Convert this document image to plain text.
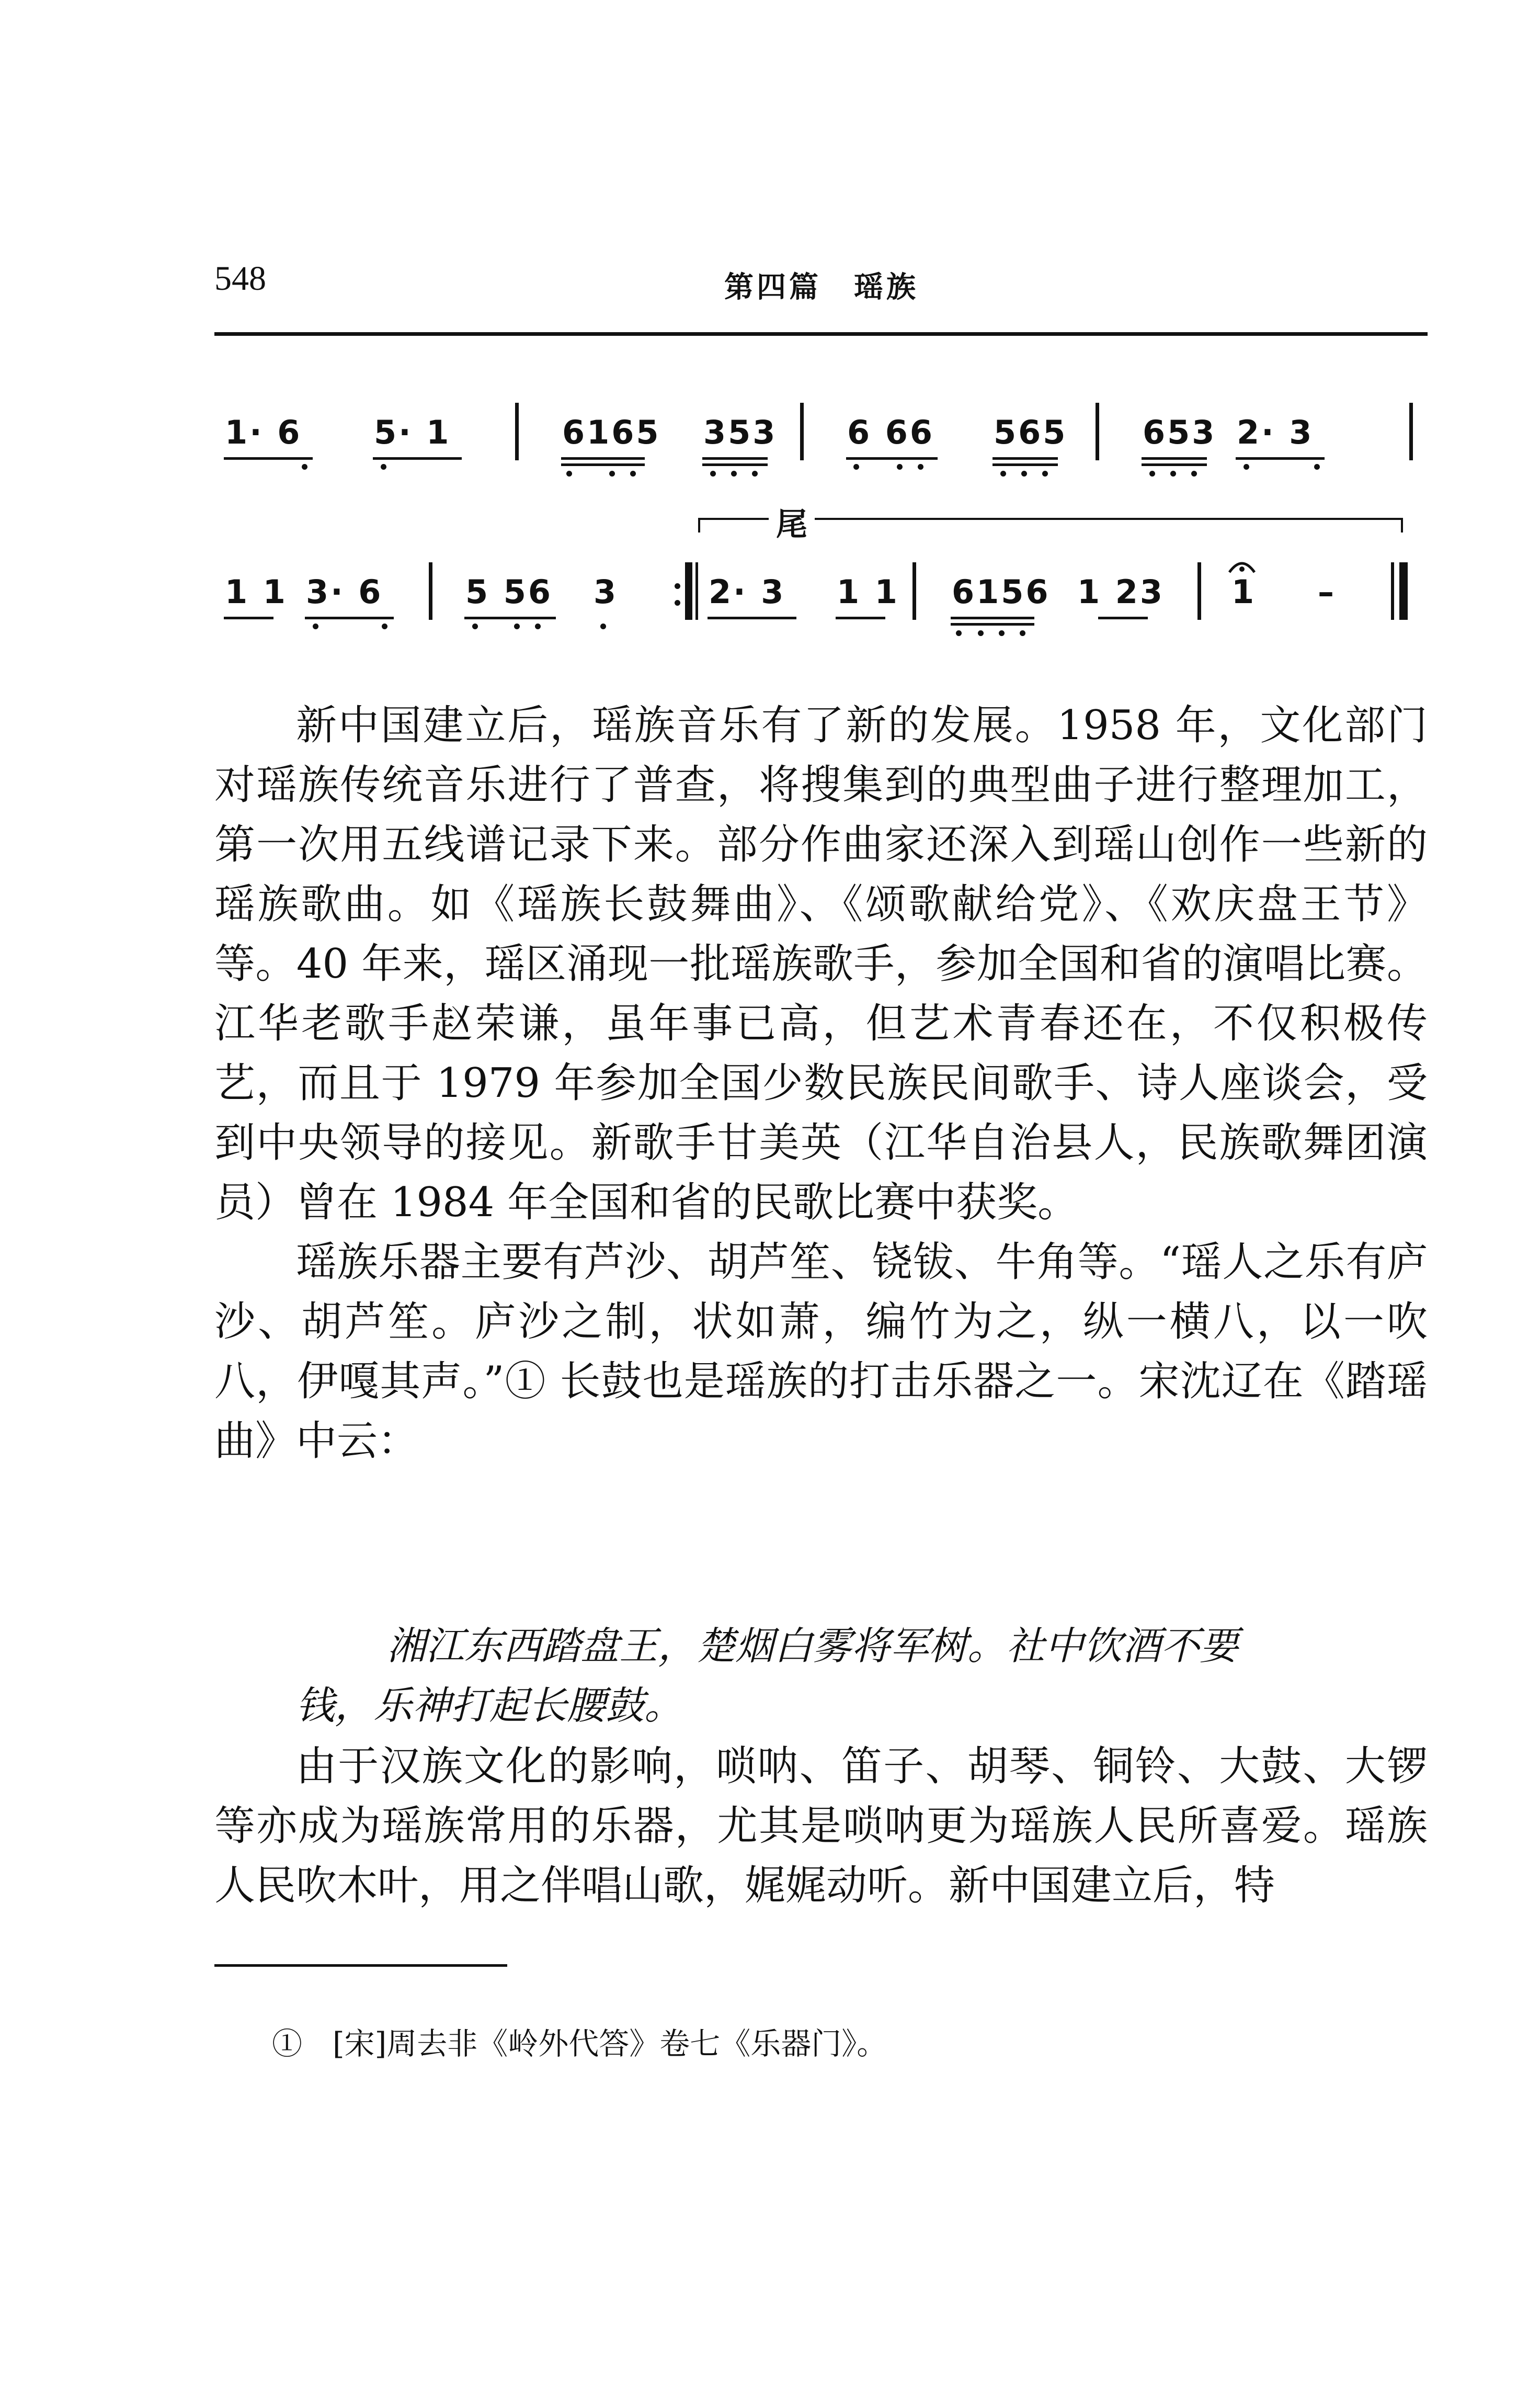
548	第四篇　瑶族
1· 6 5· 1	6165 353 6 66 565 653 2· 3
尾
1 1 3· 6	5 56 3	2· 3 1 1 6156 1 23 1 –

新中国建立后，瑶族音乐有了新的发展。1958 年，文化部门对瑶族传统音乐进行了普查，将搜集到的典型曲子进行整理加工，第一次用五线谱记录下来。部分作曲家还深入到瑶山创作一些新的瑶族歌曲。如《瑶族长鼓舞曲》、《颂歌献给党》、《欢庆盘王节》等。40 年来，瑶区涌现一批瑶族歌手，参加全国和省的演唱比赛。江华老歌手赵荣谦，虽年事已高，但艺术青春还在，不仅积极传艺，而且于 1979 年参加全国少数民族民间歌手、诗人座谈会，受到中央领导的接见。新歌手甘美英（江华自治县人，民族歌舞团演员）曾在 1984 年全国和省的民歌比赛中获奖。

瑶族乐器主要有芦沙、胡芦笙、铙钹、牛角等。“瑶人之乐有庐沙、胡芦笙。庐沙之制，状如萧，编竹为之，纵一横八，以一吹八，伊嘎其声。”① 长鼓也是瑶族的打击乐器之一。宋沈辽在《踏瑶曲》中云：

湘江东西踏盘王，楚烟白雾将军树。社中饮酒不要
钱，乐神打起长腰鼓。

由于汉族文化的影响，唢呐、笛子、胡琴、铜铃、大鼓、大锣等亦成为瑶族常用的乐器，尤其是唢呐更为瑶族人民所喜爱。瑶族人民吹木叶，用之伴唱山歌，娓娓动听。新中国建立后，特

①　[宋]周去非《岭外代答》卷七《乐器门》。
